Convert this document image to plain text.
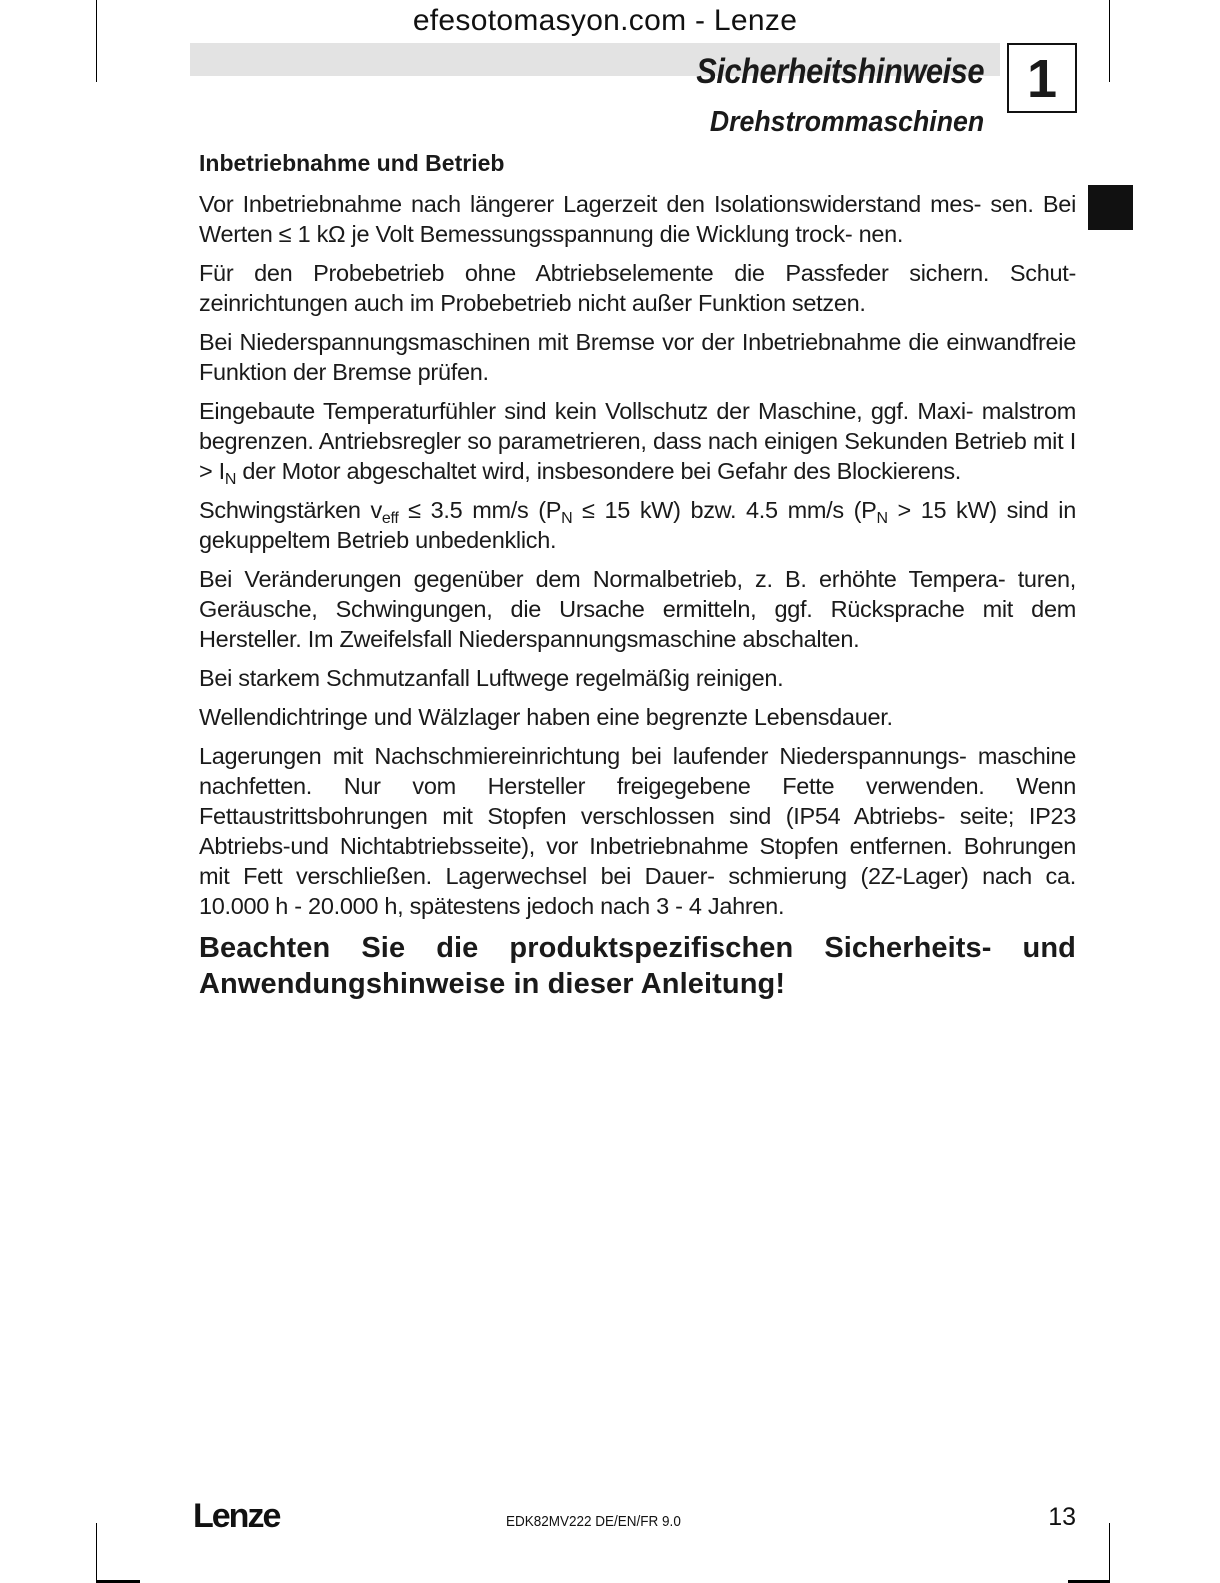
efesotomasyon.com - Lenze
Sicherheitshinweise 1
Drehstrommaschinen
Inbetriebnahme und Betrieb

Vor Inbetriebnahme nach längerer Lagerzeit den Isolationswiderstand mes- sen. Bei Werten ≤ 1 kΩ je Volt Bemessungsspannung die Wicklung trock- nen.

Für den Probebetrieb ohne Abtriebselemente die Passfeder sichern. Schut- zeinrichtungen auch im Probebetrieb nicht außer Funktion setzen.

Bei Niederspannungsmaschinen mit Bremse vor der Inbetriebnahme die einwandfreie Funktion der Bremse prüfen.

Eingebaute Temperaturfühler sind kein Vollschutz der Maschine, ggf. Maxi- malstrom begrenzen. Antriebsregler so parametrieren, dass nach einigen Sekunden Betrieb mit $I > I_N$ der Motor abgeschaltet wird, insbesondere bei Gefahr des Blockierens.

Schwingstärken $v_{eff} \le 3.5$ mm/s ($P_N \le 15$ kW) bzw. 4.5 mm/s ($P_N > 15$ kW) sind in gekuppeltem Betrieb unbedenklich.

Bei Veränderungen gegenüber dem Normalbetrieb, z. B. erhöhte Tempera- turen, Geräusche, Schwingungen, die Ursache ermitteln, ggf. Rücksprache mit dem Hersteller. Im Zweifelsfall Niederspannungsmaschine abschalten.

Bei starkem Schmutzanfall Luftwege regelmäßig reinigen.

Wellendichtringe und Wälzlager haben eine begrenzte Lebensdauer.

Lagerungen mit Nachschmiereinrichtung bei laufender Niederspannungs- maschine nachfetten. Nur vom Hersteller freigegebene Fette verwenden. Wenn Fettaustrittsbohrungen mit Stopfen verschlossen sind (IP54 Abtriebs- seite; IP23 Abtriebs-und Nichtabtriebsseite), vor Inbetriebnahme Stopfen entfernen. Bohrungen mit Fett verschließen. Lagerwechsel bei Dauer- schmierung (2Z-Lager) nach ca. 10.000 h - 20.000 h, spätestens jedoch nach 3 - 4 Jahren.

Beachten Sie die produktspezifischen Sicherheits- und Anwendungshinweise in dieser Anleitung!
Lenze	EDK82MV222 DE/EN/FR 9.0	13
